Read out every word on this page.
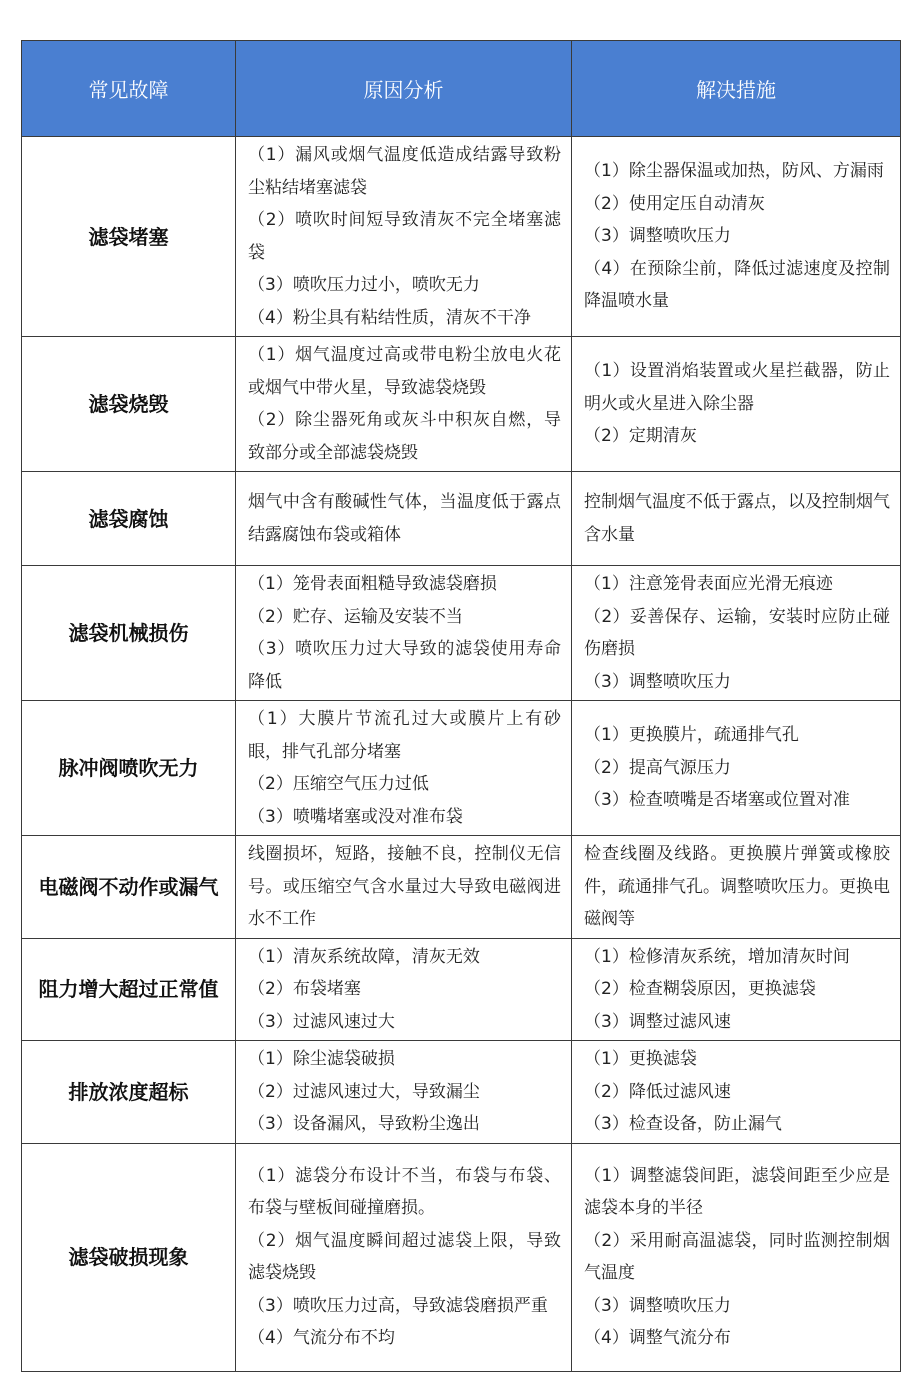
常见故障	原因分析	解决措施
滤袋堵塞	（1）漏风或烟气温度低造成结露导致粉尘粘结堵塞滤袋
（2）喷吹时间短导致清灰不完全堵塞滤袋
（3）喷吹压力过小，喷吹无力
（4）粉尘具有粘结性质，清灰不干净	（1）除尘器保温或加热，防风、方漏雨
（2）使用定压自动清灰
（3）调整喷吹压力
（4）在预除尘前，降低过滤速度及控制降温喷水量

滤袋烧毁	（1）烟气温度过高或带电粉尘放电火花或烟气中带火星，导致滤袋烧毁
（2）除尘器死角或灰斗中积灰自燃，导致部分或全部滤袋烧毁	（1）设置消焰装置或火星拦截器，防止明火或火星进入除尘器
（2）定期清灰

滤袋腐蚀	烟气中含有酸碱性气体，当温度低于露点结露腐蚀布袋或箱体	控制烟气温度不低于露点，以及控制烟气含水量

滤袋机械损伤	（1）笼骨表面粗糙导致滤袋磨损
（2）贮存、运输及安装不当
（3）喷吹压力过大导致的滤袋使用寿命降低	（1）注意笼骨表面应光滑无痕迹
（2）妥善保存、运输，安装时应防止碰伤磨损
（3）调整喷吹压力

脉冲阀喷吹无力	（1）大膜片节流孔过大或膜片上有砂眼，排气孔部分堵塞
（2）压缩空气压力过低
（3）喷嘴堵塞或没对准布袋	（1）更换膜片，疏通排气孔
（2）提高气源压力
（3）检查喷嘴是否堵塞或位置对准

电磁阀不动作或漏气	线圈损坏，短路，接触不良，控制仪无信号。或压缩空气含水量过大导致电磁阀进水不工作	检查线圈及线路。更换膜片弹簧或橡胶件，疏通排气孔。调整喷吹压力。更换电磁阀等

阻力增大超过正常值	（1）清灰系统故障，清灰无效
（2）布袋堵塞
（3）过滤风速过大	（1）检修清灰系统，增加清灰时间
（2）检查糊袋原因，更换滤袋
（3）调整过滤风速

排放浓度超标	（1）除尘滤袋破损
（2）过滤风速过大，导致漏尘
（3）设备漏风，导致粉尘逸出	（1）更换滤袋
（2）降低过滤风速
（3）检查设备，防止漏气

滤袋破损现象	（1）滤袋分布设计不当，布袋与布袋、布袋与壁板间碰撞磨损。
（2）烟气温度瞬间超过滤袋上限，导致滤袋烧毁
（3）喷吹压力过高，导致滤袋磨损严重
（4）气流分布不均	（1）调整滤袋间距，滤袋间距至少应是滤袋本身的半径
（2）采用耐高温滤袋，同时监测控制烟气温度
（3）调整喷吹压力
（4）调整气流分布
